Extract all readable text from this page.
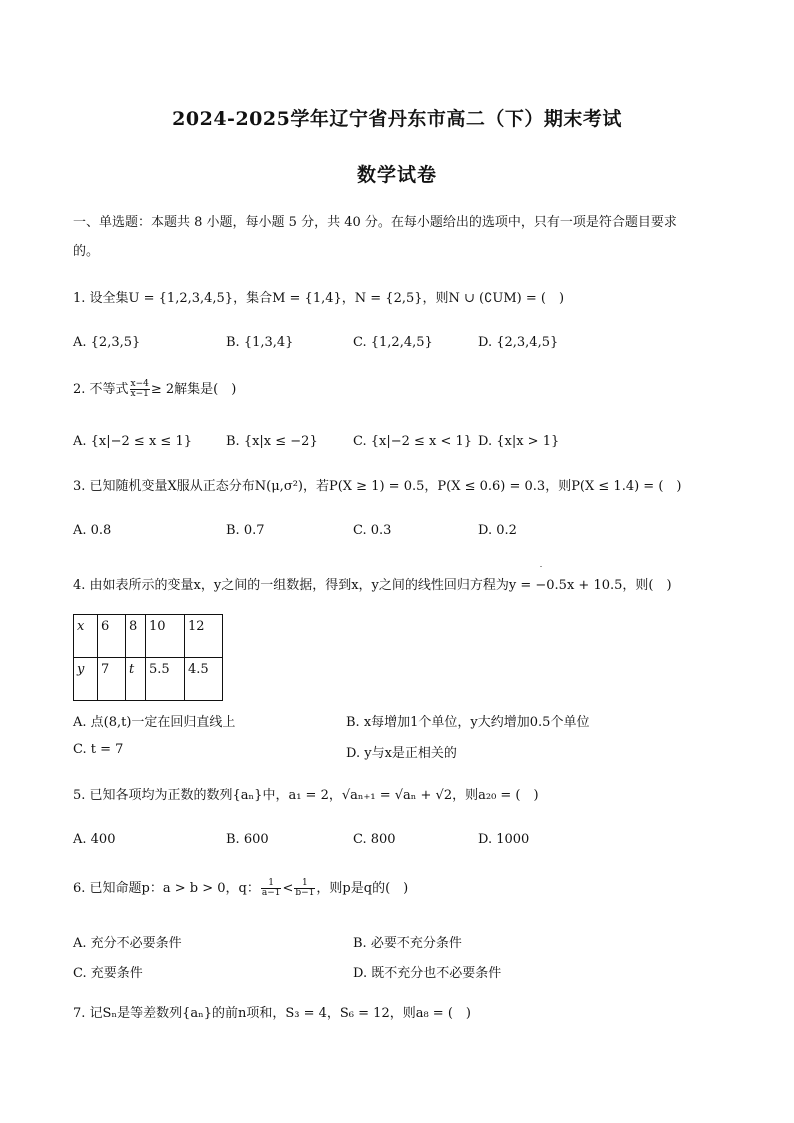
2024-2025学年辽宁省丹东市高二（下）期末考试
数学试卷
一、单选题：本题共 8 小题，每小题 5 分，共 40 分。在每小题给出的选项中，只有一项是符合题目要求
的。
1. 设全集U = {1,2,3,4,5}，集合M = {1,4}，N = {2,5}，则N ∪ (∁UM) = (　)
A. {2,3,5}	B. {1,3,4}	C. {1,2,4,5}	D. {2,3,4,5}
2. 不等式 $\frac{x-4}{x-1} \ge 2$解集是(　)
A. {x|−2 ≤ x ≤ 1}	B. {x|x ≤ −2}	C. {x|−2 ≤ x < 1} D. {x|x > 1}
3. 已知随机变量X服从正态分布N(μ,σ²)，若P(X ≥ 1) = 0.5，P(X ≤ 0.6) = 0.3，则P(X ≤ 1.4) = (　)
A. 0.8	B. 0.7	C. 0.3	D. 0.2
4. 由如表所示的变量x，y之间的一组数据，得到x，y之间的线性回归方程为y = −0.5x + 10.5，则(　)
x	6	8	10	12
y	7	t	5.5	4.5
A. 点(8,t)一定在回归直线上	B. x每增加1个单位，y大约增加0.5个单位
C. t = 7	D. y与x是正相关的
5. 已知各项均为正数的数列{aₙ}中，a₁ = 2，√aₙ₊₁ = √aₙ + √2，则a₂₀ = (　)
A. 400	B. 600	C. 800	D. 1000
6. 已知命题p：a > b > 0，q： $\frac{1}{a-1} < \frac{1}{b-1}$ ，则p是q的(　)
A. 充分不必要条件	B. 必要不充分条件
C. 充要条件	D. 既不充分也不必要条件
7. 记Sₙ是等差数列{aₙ}的前n项和，S₃ = 4，S₆ = 12，则a₈ = (　)
